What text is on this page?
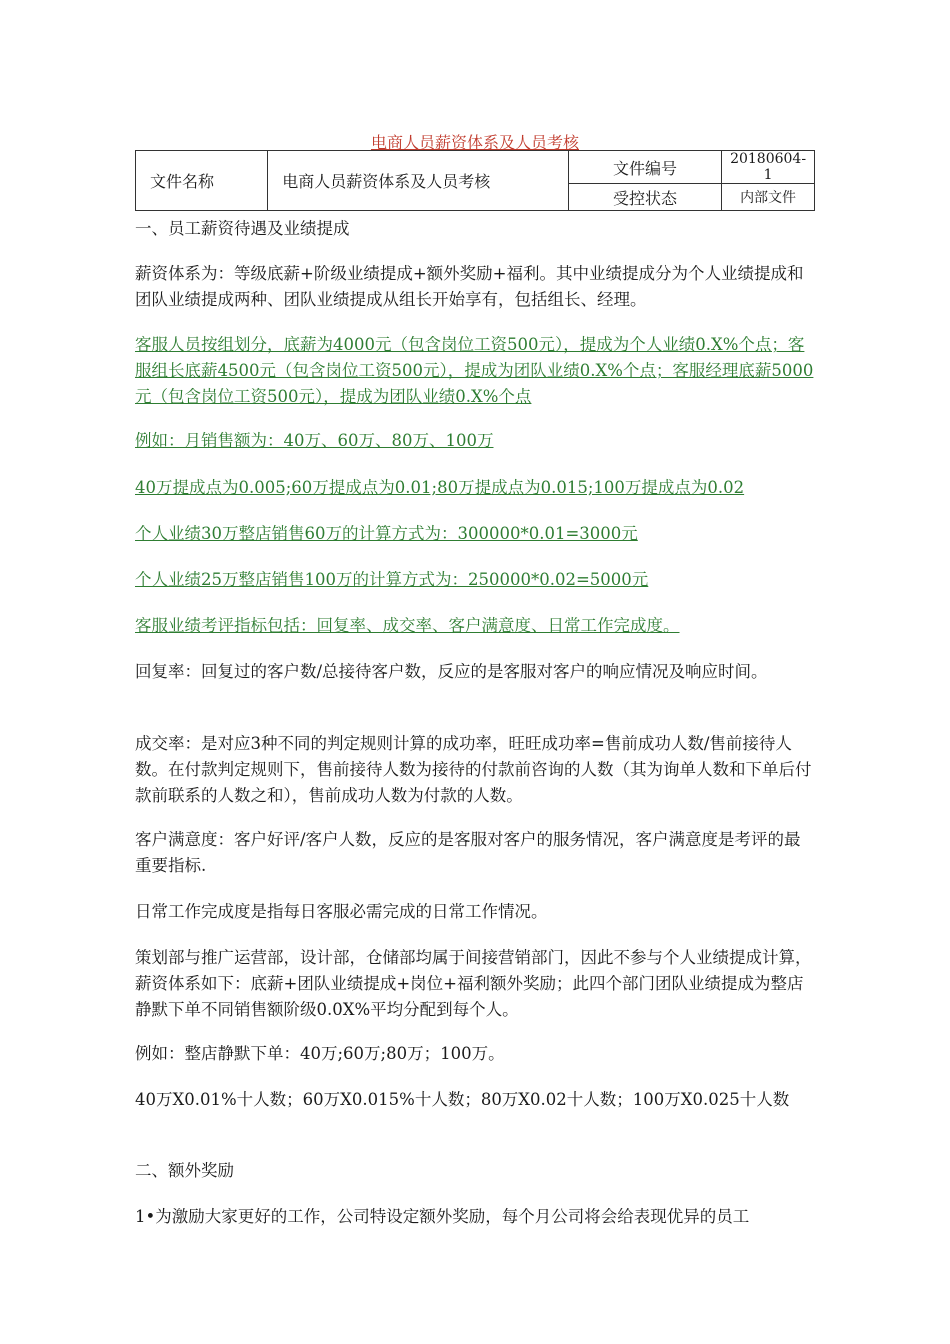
电商人员薪资体系及人员考核
文件名称	电商人员薪资体系及人员考核	文件编号	20180604-1
		受控状态	内部文件
一、员工薪资待遇及业绩提成
薪资体系为：等级底薪+阶级业绩提成+额外奖励+福利。其中业绩提成分为个人业绩提成和团队业绩提成两种、团队业绩提成从组长开始享有，包括组长、经理。
客服人员按组划分，底薪为4000元（包含岗位工资500元），提成为个人业绩0.X%个点；客服组长底薪4500元（包含岗位工资500元），提成为团队业绩0.X%个点；客服经理底薪5000元（包含岗位工资500元），提成为团队业绩0.X%个点
例如：月销售额为：40万、60万、80万、100万
40万提成点为0.005;60万提成点为0.01;80万提成点为0.015;100万提成点为0.02
个人业绩30万整店销售60万的计算方式为：300000*0.01=3000元
个人业绩25万整店销售100万的计算方式为：250000*0.02=5000元
客服业绩考评指标包括：回复率、成交率、客户满意度、日常工作完成度。
回复率：回复过的客户数/总接待客户数，反应的是客服对客户的响应情况及响应时间。
成交率：是对应3种不同的判定规则计算的成功率，旺旺成功率=售前成功人数/售前接待人数。在付款判定规则下，售前接待人数为接待的付款前咨询的人数（其为询单人数和下单后付款前联系的人数之和），售前成功人数为付款的人数。
客户满意度：客户好评/客户人数，反应的是客服对客户的服务情况，客户满意度是考评的最重要指标.
日常工作完成度是指每日客服必需完成的日常工作情况。
策划部与推广运营部，设计部，仓储部均属于间接营销部门，因此不参与个人业绩提成计算，薪资体系如下：底薪+团队业绩提成+岗位+福利额外奖励；此四个部门团队业绩提成为整店静默下单不同销售额阶级0.0X%平均分配到每个人。
例如：整店静默下单：40万;60万;80万；100万。
40万X0.01%十人数；60万X0.015%十人数；80万X0.02十人数；100万X0.025十人数
二、额外奖励
1•为激励大家更好的工作，公司特设定额外奖励，每个月公司将会给表现优异的员工
